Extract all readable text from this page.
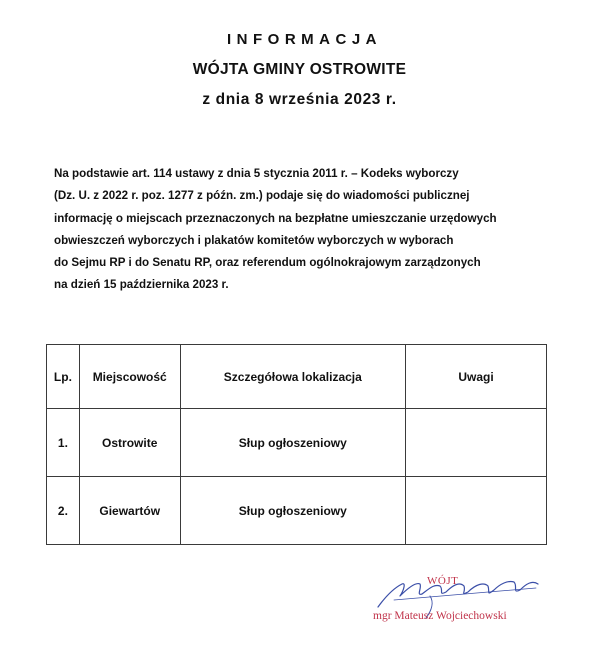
INFORMACJA
WÓJTA GMINY OSTROWITE
z dnia 8 września 2023 r.
Na podstawie art. 114 ustawy z dnia 5 stycznia 2011 r. – Kodeks wyborczy
(Dz. U. z 2022 r. poz. 1277 z późn. zm.) podaje się do wiadomości publicznej
informację o miejscach przeznaczonych na bezpłatne umieszczanie urzędowych
obwieszczeń wyborczych i plakatów komitetów wyborczych w wyborach
do Sejmu RP i do Senatu RP, oraz referendum ogólnokrajowym zarządzonych
na dzień 15 października 2023 r.
Lp.	Miejscowość	Szczegółowa lokalizacja	Uwagi
1.	Ostrowite	Słup ogłoszeniowy	
2.	Giewartów	Słup ogłoszeniowy	
WÓJT
mgr Mateusz Wojciechowski
